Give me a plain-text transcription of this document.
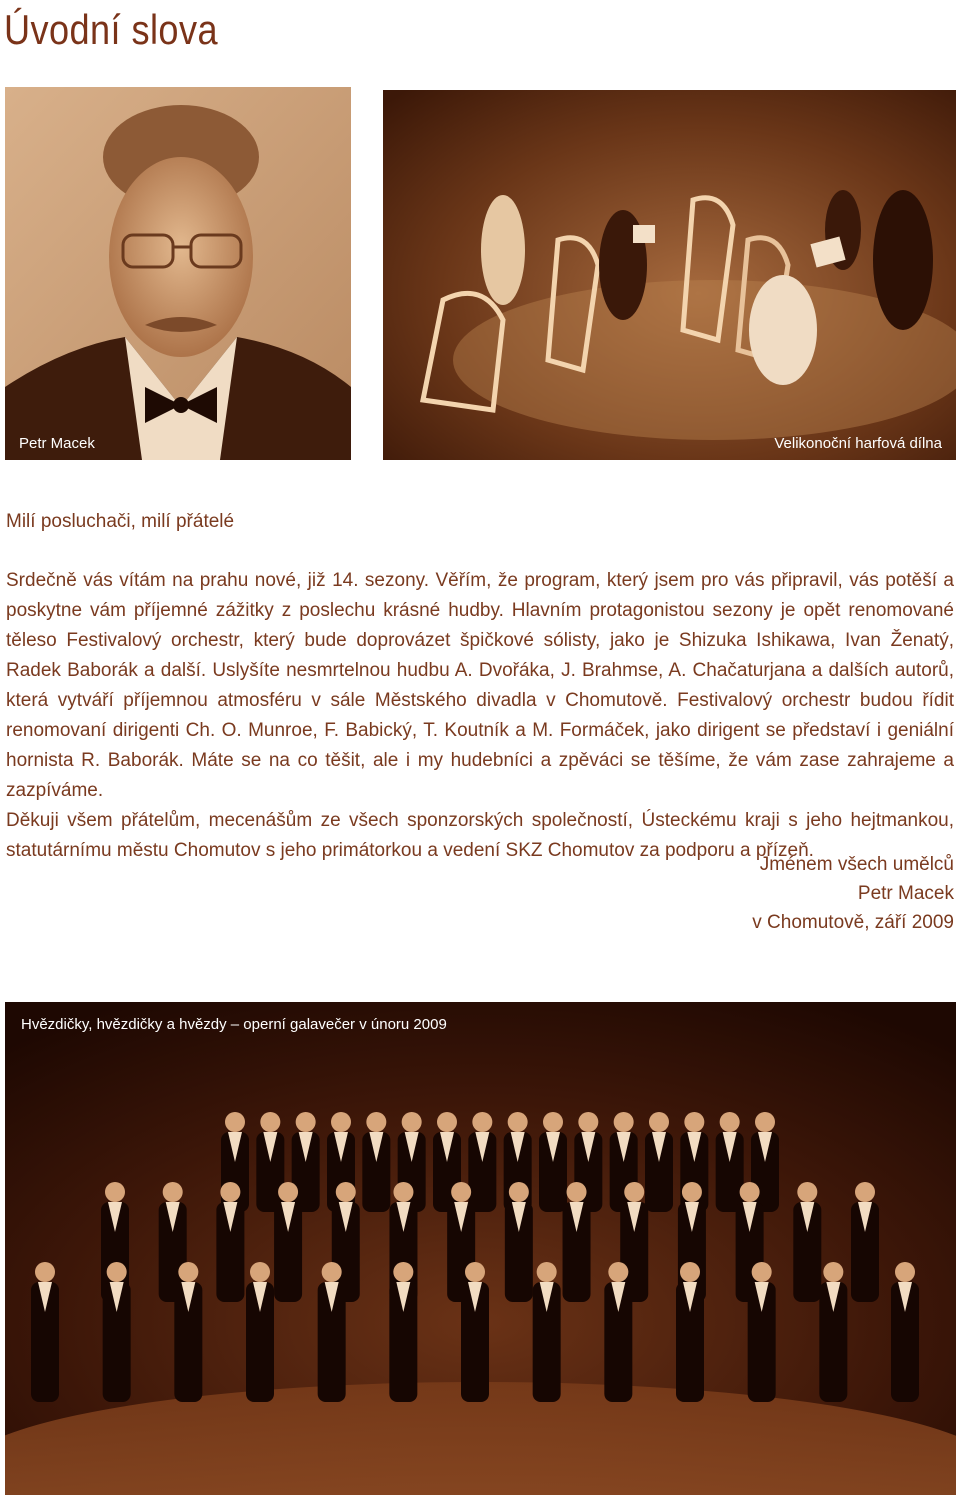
Úvodní slova
Petr Macek	Velikonoční harfová dílna
Milí posluchači, milí přátelé

Srdečně vás vítám na prahu nové, již 14. sezony. Věřím, že program, který jsem pro vás připravil, vás potěší a poskytne vám příjemné zážitky z poslechu krásné hudby. Hlavním protagonistou sezony je opět renomované těleso Festivalový orchestr, který bude doprovázet špičkové sólisty, jako je Shizuka Ishikawa, Ivan Ženatý, Radek Baborák a další. Uslyšíte nesmrtelnou hudbu A. Dvořáka, J. Brahmse, A. Chačaturjana a dalších autorů, která vytváří příjemnou atmosféru v sále Městského divadla v Chomutově. Festivalový orchestr budou řídit renomovaní dirigenti Ch. O. Munroe, F. Babický, T. Koutník a M. Formáček, jako dirigent se představí i geniální hornista R. Baborák. Máte se na co těšit, ale i my hudebníci a zpěváci se těšíme, že vám zase zahrajeme a zazpíváme.

Děkuji všem přátelům, mecenášům ze všech sponzorských společností, Ústeckému kraji s jeho hejtmankou, statutárnímu městu Chomutov s jeho primátorkou a vedení SKZ Chomutov za podporu a přízeň.

Jménem všech umělců
Petr Macek
v Chomutově, září 2009
Hvězdičky, hvězdičky a hvězdy – operní galavečer v únoru 2009
